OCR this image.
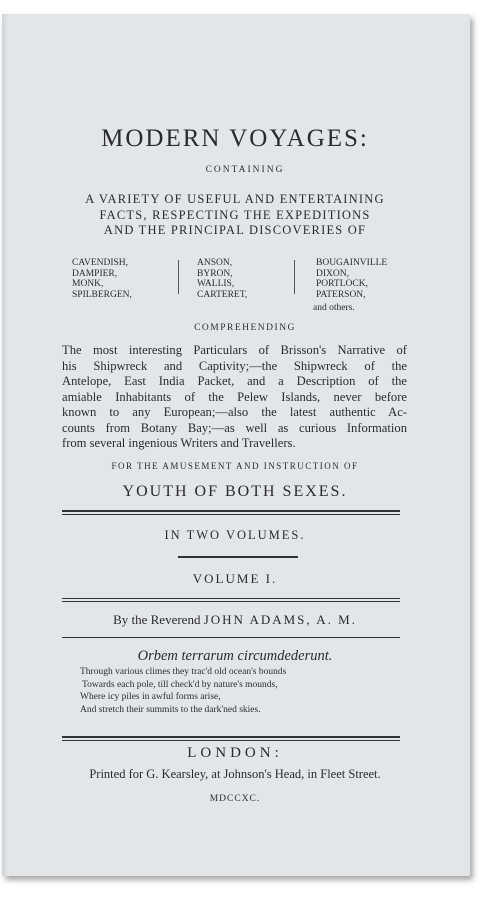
MODERN VOYAGES:
CONTAINING
A VARIETY OF USEFUL AND ENTERTAINING
FACTS, RESPECTING THE EXPEDITIONS
AND THE PRINCIPAL DISCOVERIES OF
CAVENDISH,
DAMPIER,
MONK,
SPILBERGEN,
ANSON,
BYRON,
WALLIS,
CARTERET,
BOUGAINVILLE
DIXON,
PORTLOCK,
PATERSON,
and others.
COMPREHENDING
The most interesting Particulars of Brisson's Narrative of
his Shipwreck and Captivity;—the Shipwreck of the
Antelope, East India Packet, and a Description of the
amiable Inhabitants of the Pelew Islands, never before
known to any European;—also the latest authentic Ac-
counts from Botany Bay;—as well as curious Information
from several ingenious Writers and Travellers.
FOR THE AMUSEMENT AND INSTRUCTION OF
YOUTH OF BOTH SEXES.
IN TWO VOLUMES.
VOLUME I.
By the Reverend JOHN ADAMS, A. M.
Orbem terrarum circumdederunt.
Through various climes they trac'd old ocean's bounds
Towards each pole, till check'd by nature's mounds,
Where icy piles in awful forms arise,
And stretch their summits to the dark'ned skies.
LONDON:
Printed for G. Kearsley, at Johnson's Head, in Fleet Street.
MDCCXC.
